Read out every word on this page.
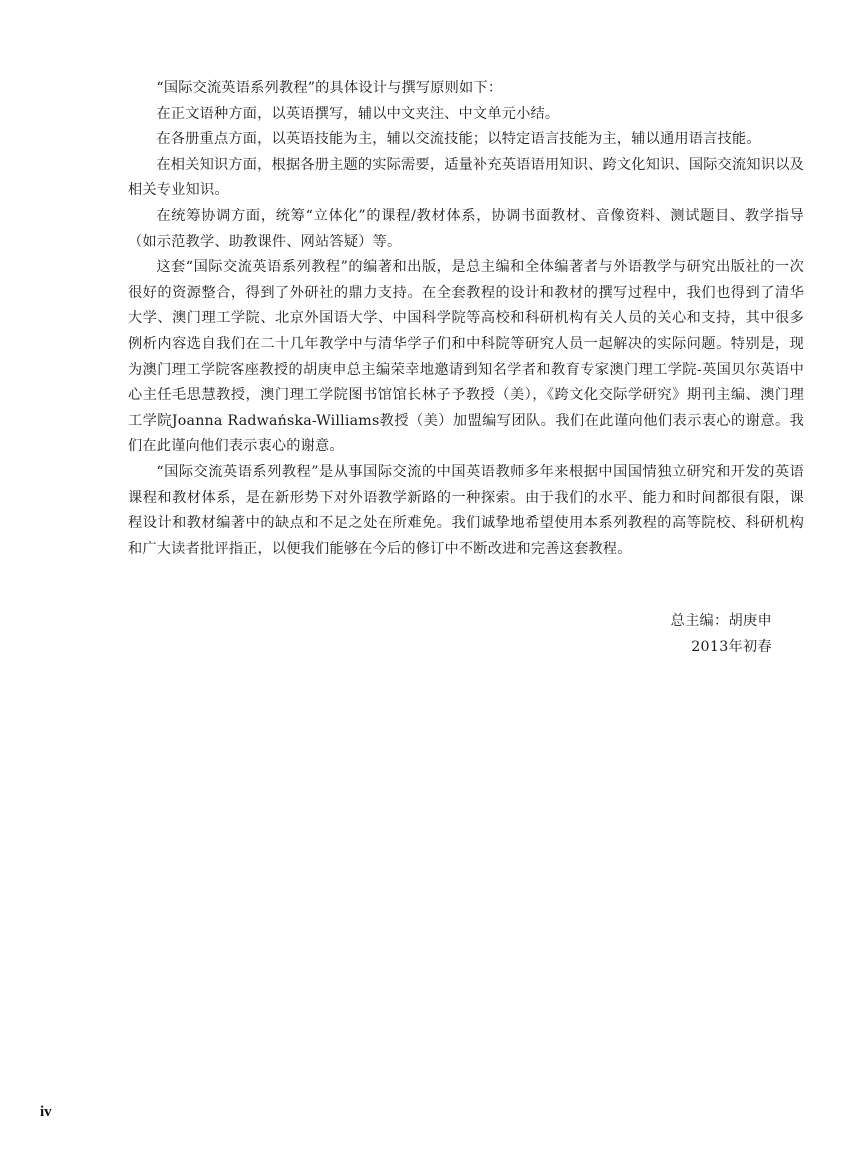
“国际交流英语系列教程”的具体设计与撰写原则如下：

在正文语种方面，以英语撰写，辅以中文夹注、中文单元小结。

在各册重点方面，以英语技能为主，辅以交流技能；以特定语言技能为主，辅以通用语言技能。

在相关知识方面，根据各册主题的实际需要，适量补充英语语用知识、跨文化知识、国际交流知识以及相关专业知识。

在统筹协调方面，统筹“立体化”的课程/教材体系，协调书面教材、音像资料、测试题目、教学指导（如示范教学、助教课件、网站答疑）等。

这套“国际交流英语系列教程”的编著和出版，是总主编和全体编著者与外语教学与研究出版社的一次很好的资源整合，得到了外研社的鼎力支持。在全套教程的设计和教材的撰写过程中，我们也得到了清华大学、澳门理工学院、北京外国语大学、中国科学院等高校和科研机构有关人员的关心和支持，其中很多例析内容选自我们在二十几年教学中与清华学子们和中科院等研究人员一起解决的实际问题。特别是，现为澳门理工学院客座教授的胡庚申总主编荣幸地邀请到知名学者和教育专家澳门理工学院-英国贝尔英语中心主任毛思慧教授，澳门理工学院图书馆馆长林子予教授（美），《跨文化交际学研究》期刊主编、澳门理工学院Joanna Radwańska-Williams教授（美）加盟编写团队。我们在此谨向他们表示衷心的谢意。我们在此谨向他们表示衷心的谢意。

“国际交流英语系列教程”是从事国际交流的中国英语教师多年来根据中国国情独立研究和开发的英语课程和教材体系，是在新形势下对外语教学新路的一种探索。由于我们的水平、能力和时间都很有限，课程设计和教材编著中的缺点和不足之处在所难免。我们诚挚地希望使用本系列教程的高等院校、科研机构和广大读者批评指正，以便我们能够在今后的修订中不断改进和完善这套教程。

总主编：胡庚申
2013年初春
iv
